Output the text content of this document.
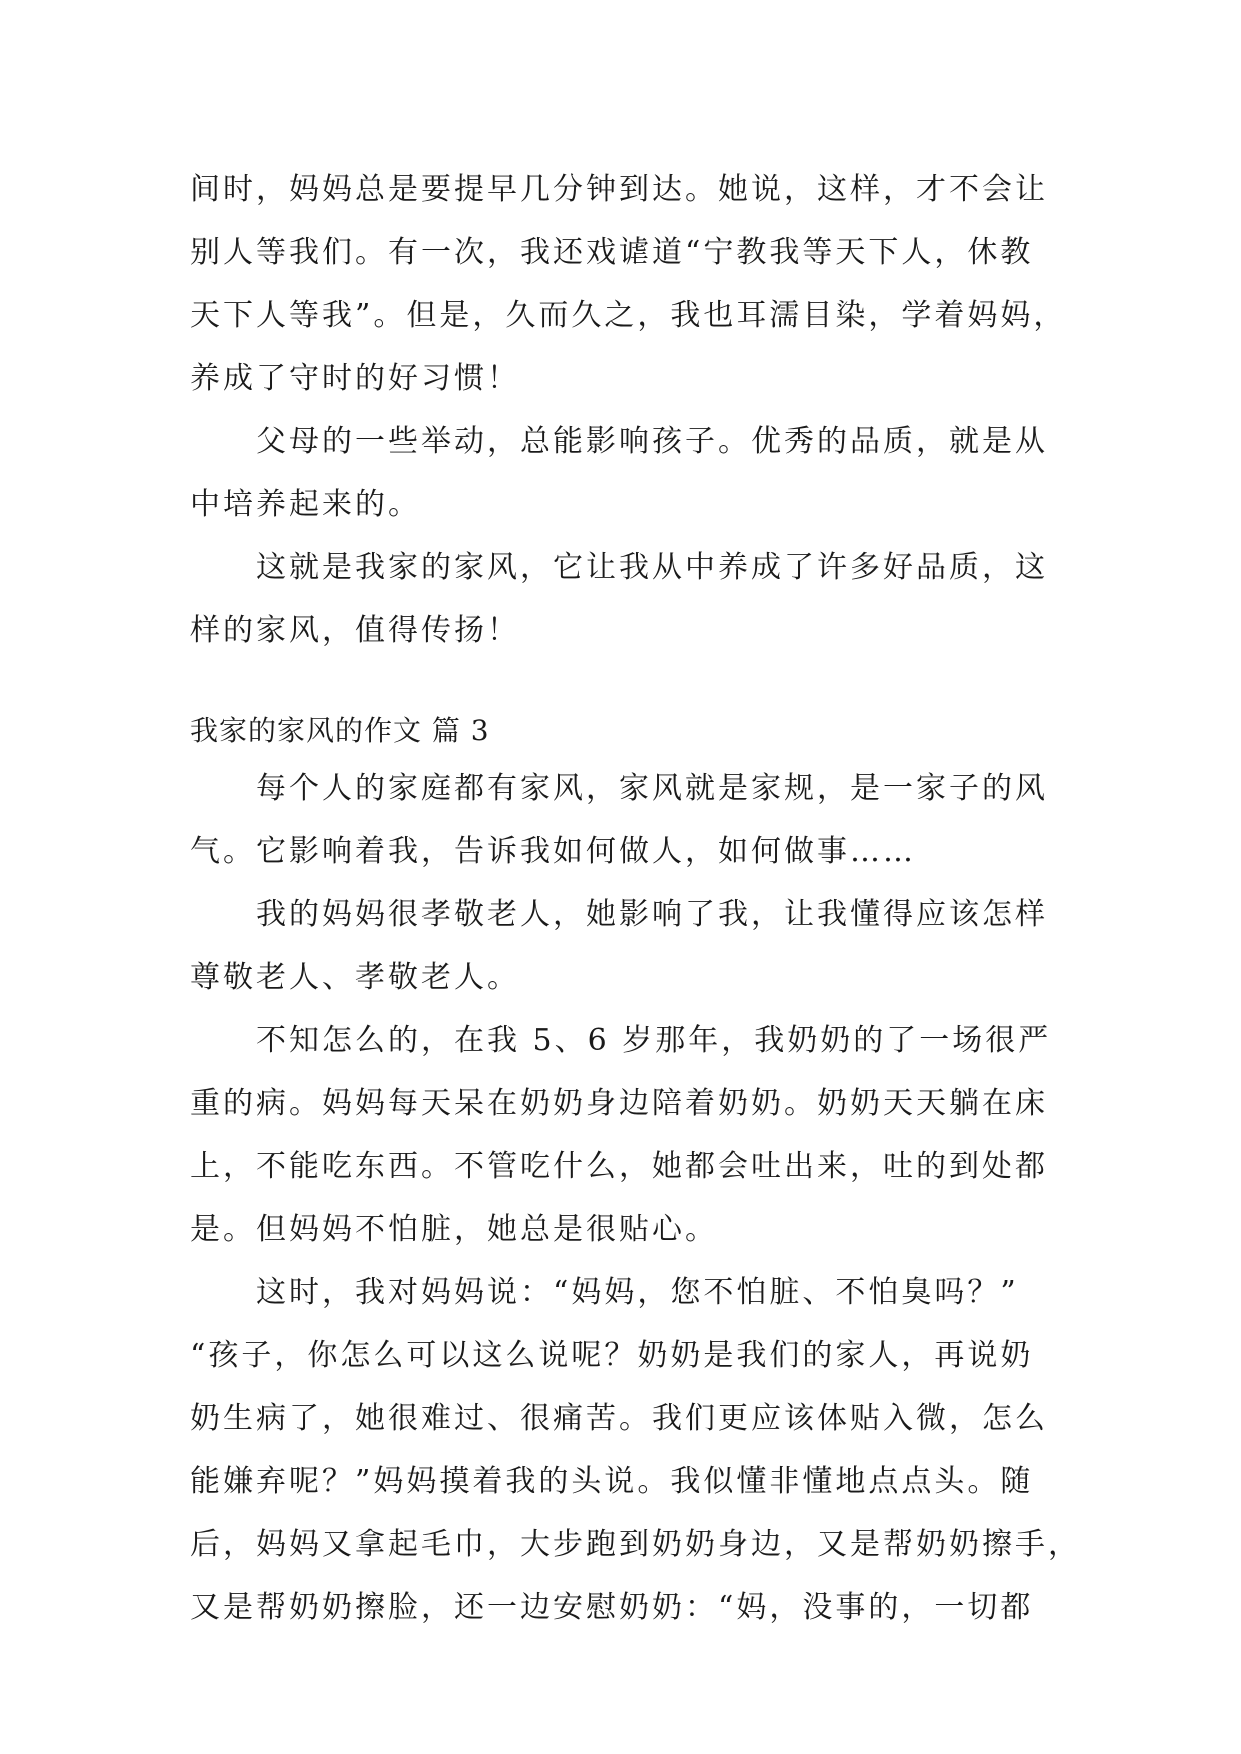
间时，妈妈总是要提早几分钟到达。她说，这样，才不会让
别人等我们。有一次，我还戏谑道“宁教我等天下人，休教
天下人等我”。但是，久而久之，我也耳濡目染，学着妈妈，
养成了守时的好习惯！
　　父母的一些举动，总能影响孩子。优秀的品质，就是从
中培养起来的。
　　这就是我家的家风，它让我从中养成了许多好品质，这
样的家风，值得传扬！
我家的家风的作文 篇 3
　　每个人的家庭都有家风，家风就是家规，是一家子的风
气。它影响着我，告诉我如何做人，如何做事……
　　我的妈妈很孝敬老人，她影响了我，让我懂得应该怎样
尊敬老人、孝敬老人。
　　不知怎么的，在我 5、6 岁那年，我奶奶的了一场很严
重的病。妈妈每天呆在奶奶身边陪着奶奶。奶奶天天躺在床
上，不能吃东西。不管吃什么，她都会吐出来，吐的到处都
是。但妈妈不怕脏，她总是很贴心。
　　这时，我对妈妈说：“妈妈，您不怕脏、不怕臭吗？”
“孩子，你怎么可以这么说呢？奶奶是我们的家人，再说奶
奶生病了，她很难过、很痛苦。我们更应该体贴入微，怎么
能嫌弃呢？”妈妈摸着我的头说。我似懂非懂地点点头。随
后，妈妈又拿起毛巾，大步跑到奶奶身边，又是帮奶奶擦手，
又是帮奶奶擦脸，还一边安慰奶奶：“妈，没事的，一切都
